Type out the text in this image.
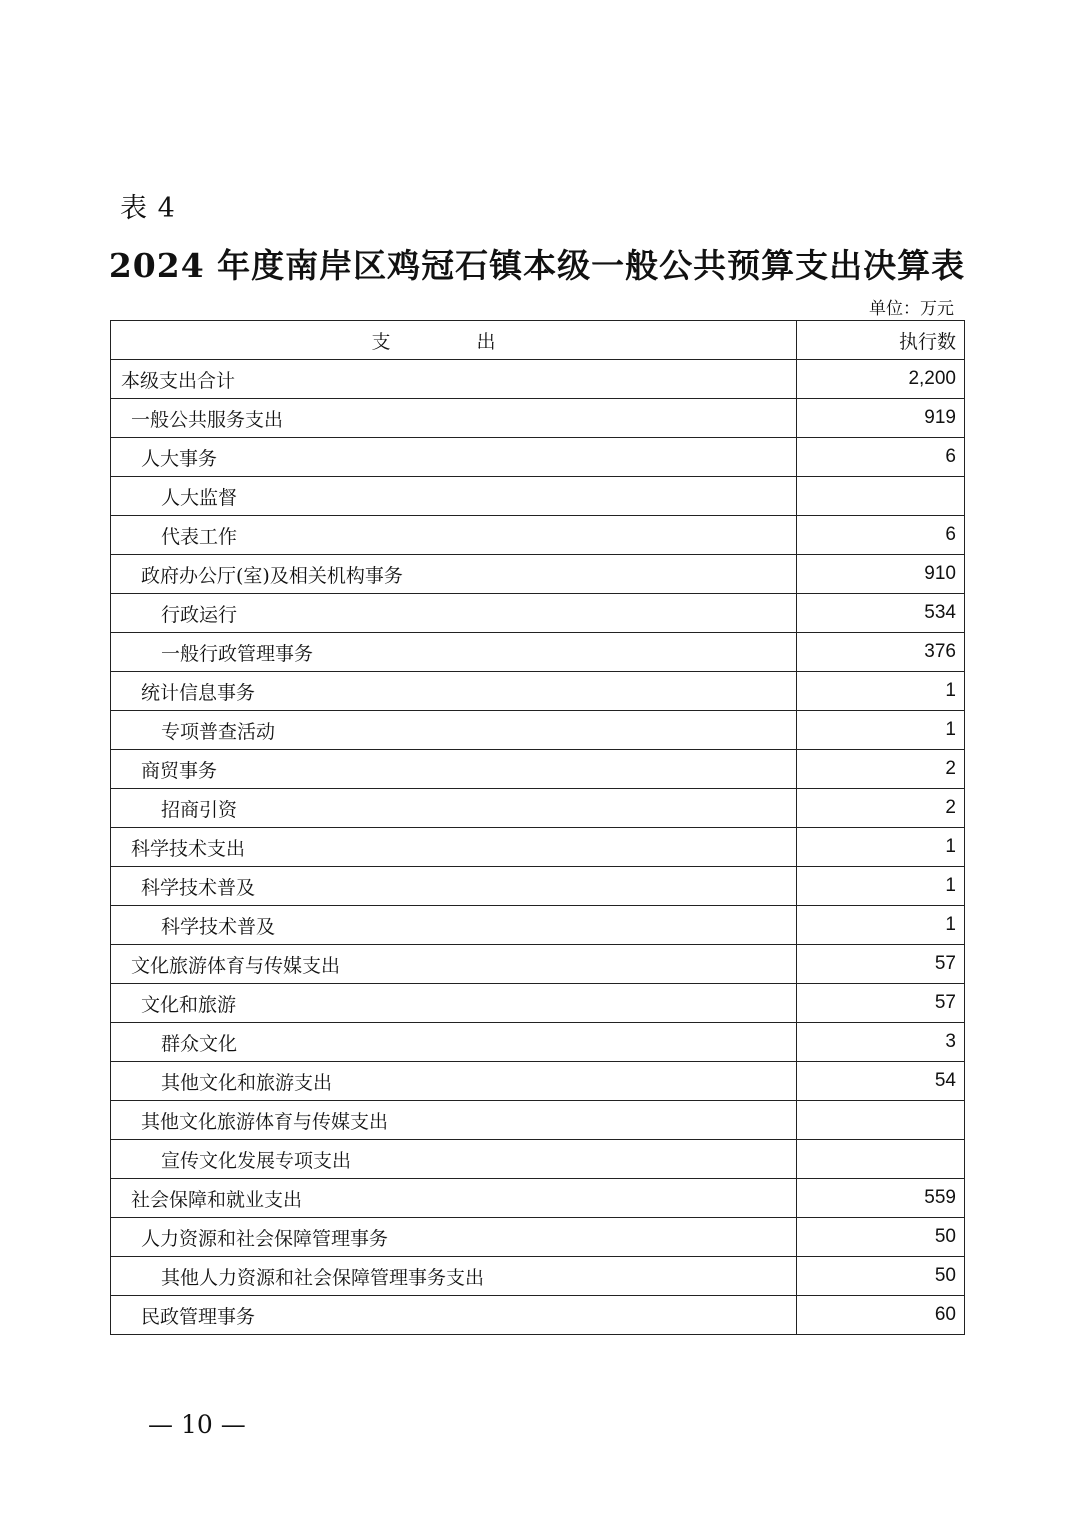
表 4
2024 年度南岸区鸡冠石镇本级一般公共预算支出决算表
单位：万元
支 出	执行数
本级支出合计	2,200
一般公共服务支出	919
人大事务	6
人大监督	
代表工作	6
政府办公厅(室)及相关机构事务	910
行政运行	534
一般行政管理事务	376
统计信息事务	1
专项普查活动	1
商贸事务	2
招商引资	2
科学技术支出	1
科学技术普及	1
科学技术普及	1
文化旅游体育与传媒支出	57
文化和旅游	57
群众文化	3
其他文化和旅游支出	54
其他文化旅游体育与传媒支出	
宣传文化发展专项支出	
社会保障和就业支出	559
人力资源和社会保障管理事务	50
其他人力资源和社会保障管理事务支出	50
民政管理事务	60
— 10 —
